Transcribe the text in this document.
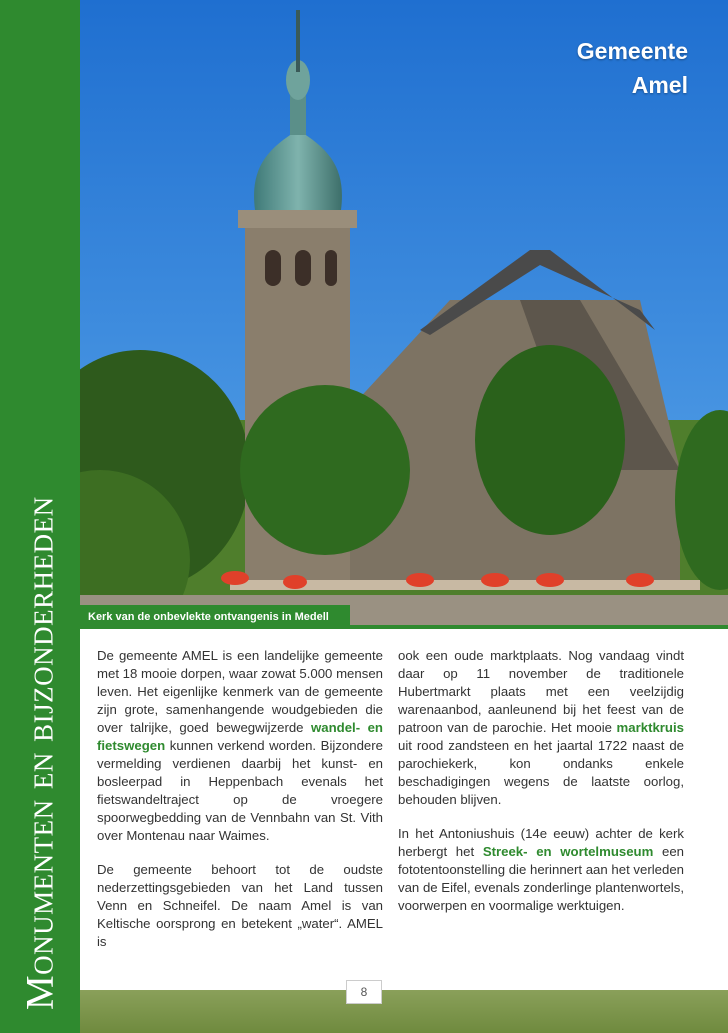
Monumenten en bijzonderheden
Gemeente
Amel
Kerk van de onbevlekte ontvangenis in Medell

De gemeente AMEL is een landelijke gemeente met 18 mooie dorpen, waar zowat 5.000 mensen leven. Het eigenlijke kenmerk van de gemeente zijn grote, samenhangende woudgebieden die over talrijke, goed bewegwijzerde wandel- en fietswegen kunnen verkend worden. Bijzondere vermelding verdienen daarbij het kunst- en bosleerpad in Heppenbach evenals het fietswandeltraject op de vroegere spoorwegbedding van de Vennbahn van St. Vith over Montenau naar Waimes.

De gemeente behoort tot de oudste nederzettingsgebieden van het Land tussen Venn en Schneifel. De naam Amel is van Keltische oorsprong en betekent „water“. AMEL is

ook een oude marktplaats. Nog vandaag vindt daar op 11 november de traditionele Hubertmarkt plaats met een veelzijdig warenaanbod, aanleunend bij het feest van de patroon van de parochie. Het mooie marktkruis uit rood zandsteen en het jaartal 1722 naast de parochiekerk, kon ondanks enkele beschadigingen wegens de laatste oorlog, behouden blijven.

In het Antoniushuis (14e eeuw) achter de kerk herbergt het Streek- en wortelmuseum een fototentoonstelling die herinnert aan het verleden van de Eifel, evenals zonderlinge plantenwortels, voorwerpen en voormalige werktuigen.

8
